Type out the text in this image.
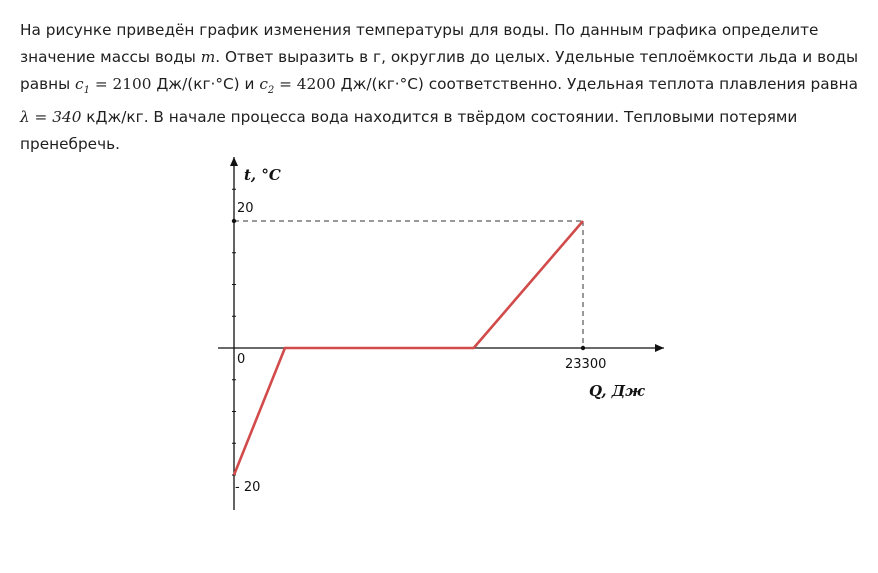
На рисунке приведён график изменения температуры для воды. По данным графика определите значение массы воды m. Ответ выразить в г, округлив до целых. Удельные теплоёмкости льда и воды равны $c_1 = 2100$ Дж/(кг·°C) и $c_2 = 4200$ Дж/(кг·°C) соответственно. Удельная теплота плавления равна λ = 340 кДж/кг. В начале процесса вода находится в твёрдом состоянии. Тепловыми потерями пренебречь.
t, °C
Q, Дж
20
0
- 20
23300
